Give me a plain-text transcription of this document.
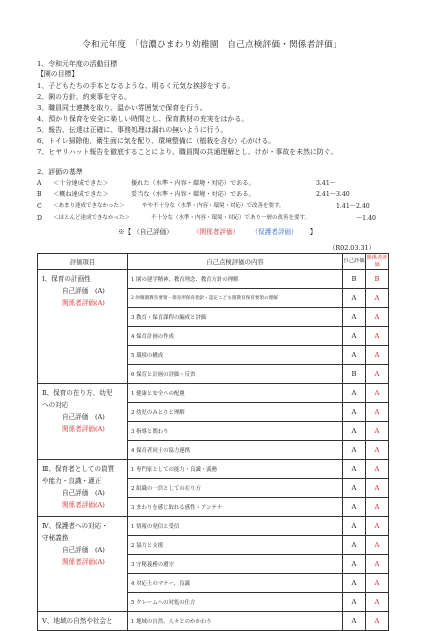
令和元年度　「信濃ひまわり幼稚園　自己点検評価・関係者評価」
1、令和元年度の活動目標
【園の目標】
1、子どもたちの手本となるような、明るく元気な挨拶をする。
2、園の方針、約束事を守る。
3、職員同士連携を取り、温かい雰囲気で保育を行う。
4、預かり保育を安全に楽しい時間とし、保育教材の充実をはかる。
5、報告、伝達は正確に、事務処理は漏れの無いように行う。
6、トイレ掃除他、衛生面に気を配り、環境整備に（植栽を含む）心がける。
7、ヒヤリハット報告を徹底することにより、職員間の共通理解とし、けが・事故を未然に防ぐ。
2、評価の基準
A ＜十分達成できた＞	優れた（水準・内容・環境・対応）である。	3.41〜
B ＜概ね達成できた＞	妥当な（水準・内容・環境・対応）である。	2.41〜3.40
C ＜あまり達成できなかった＞	やや不十分な（水準・内容・環境・対応）で改善を要す。	1.41〜2.40
D ＜ほとんど達成できなかった＞	不十分な（水準・内容・環境・対応）であり一層の改善を要す。	〜1.40
※【 （自己評価）	（関係者評価） （保護者評価） 】
（R02.03.31）
評価項目	自己点検評価の内容	自己評価	関係者評価
Ⅰ、保育の計画性
自己評価　(A)
関係者評価(A)	1 園の建学精神、教育理念、教育方針の理解	B	B
	2 幼稚園教育要領・保育所保育指針・認定こども園教育保育要領の理解	A	A
	3 教育・保育課程の編成と評価	A	A
	4 保育計画の作成	A	A
	5 環境の構成	A	A
	6 保育と計画の評価・反省	B	A
Ⅱ、保育の在り方、幼児
への対応
自己評価　(A)
関係者評価(A)	1 健康と安全への配慮	A	A
	2 幼児のみとりと理解	A	A
	3 指導と関わり	A	A
	4 保育者同士の協力連携	A	A
Ⅲ、保育者としての資質
や能力・良識・適正
自己評価　(A)
関係者評価(A)	1 専門家としての能力・良識・義務	A	A
	2 組織の一員としての在り方	A	A
	3 まわりを感じ取れる感性・アンテナ	A	A
Ⅳ、保護者への対応・
守秘義務
自己評価　(A)
関係者評価(A)	1 情報の発信と受信	A	A
	2 協力と支援	A	A
	3 守秘義務の遵守	A	A
	4 対応上のマナー、良識	A	A
	5 クレームへの対処の仕方	A	A
Ⅴ、地域の自然や社会と	1 地域の自然、人々とのかかわり	A	A
